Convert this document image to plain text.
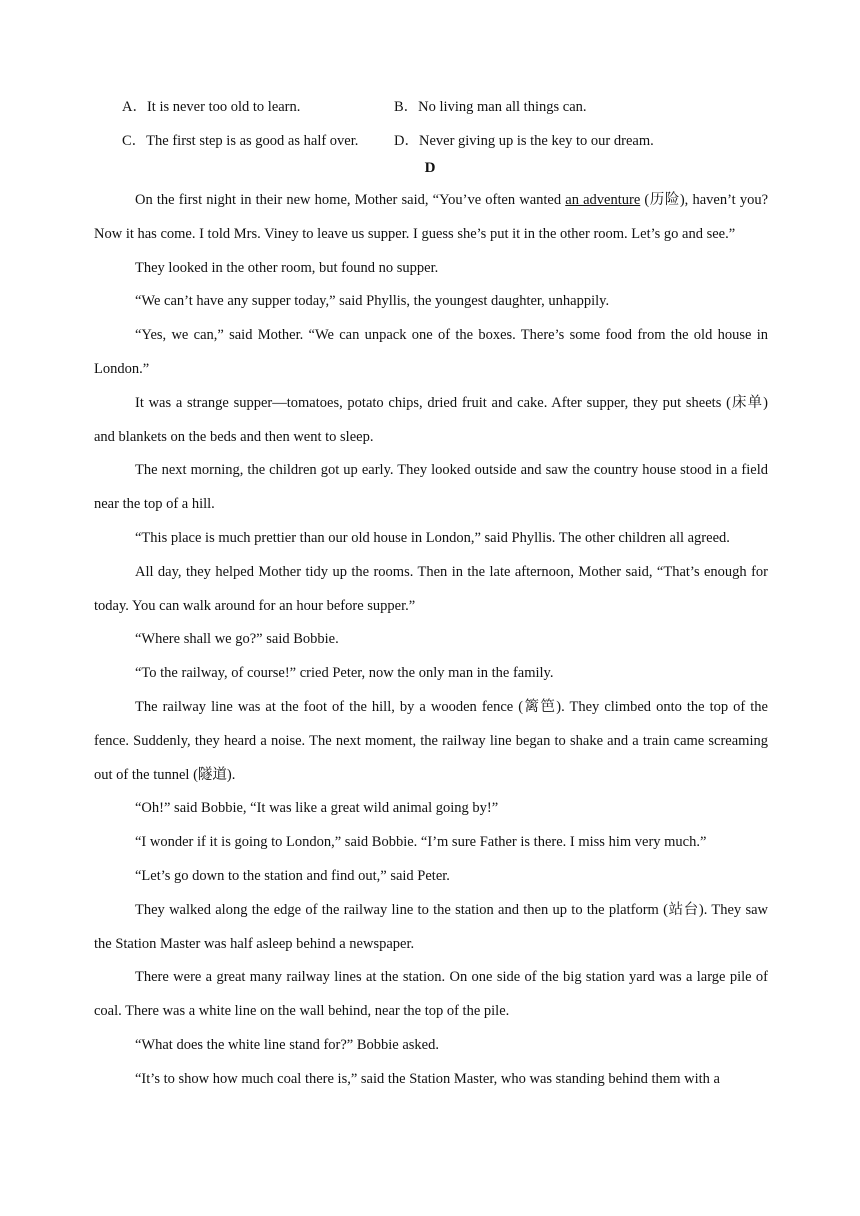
A．It is never too old to learn.	B．No living man all things can.
C．The first step is as good as half over.	D．Never giving up is the key to our dream.
D

On the first night in their new home, Mother said, “You’ve often wanted an adventure (历险), haven’t you? Now it has come. I told Mrs. Viney to leave us supper. I guess she’s put it in the other room. Let’s go and see.”

They looked in the other room, but found no supper.

“We can’t have any supper today,” said Phyllis, the youngest daughter, unhappily.

“Yes, we can,” said Mother. “We can unpack one of the boxes. There’s some food from the old house in London.”

It was a strange supper—tomatoes, potato chips, dried fruit and cake. After supper, they put sheets (床单) and blankets on the beds and then went to sleep.

The next morning, the children got up early. They looked outside and saw the country house stood in a field near the top of a hill.

“This place is much prettier than our old house in London,” said Phyllis. The other children all agreed.

All day, they helped Mother tidy up the rooms. Then in the late afternoon, Mother said, “That’s enough for today. You can walk around for an hour before supper.”

“Where shall we go?” said Bobbie.

“To the railway, of course!” cried Peter, now the only man in the family.

The railway line was at the foot of the hill, by a wooden fence (篱笆). They climbed onto the top of the fence. Suddenly, they heard a noise. The next moment, the railway line began to shake and a train came screaming out of the tunnel (隧道).

“Oh!” said Bobbie, “It was like a great wild animal going by!”

“I wonder if it is going to London,” said Bobbie. “I’m sure Father is there. I miss him very much.”

“Let’s go down to the station and find out,” said Peter.

They walked along the edge of the railway line to the station and then up to the platform (站台). They saw the Station Master was half asleep behind a newspaper.

There were a great many railway lines at the station. On one side of the big station yard was a large pile of coal. There was a white line on the wall behind, near the top of the pile.

“What does the white line stand for?” Bobbie asked.

“It’s to show how much coal there is,” said the Station Master, who was standing behind them with a
